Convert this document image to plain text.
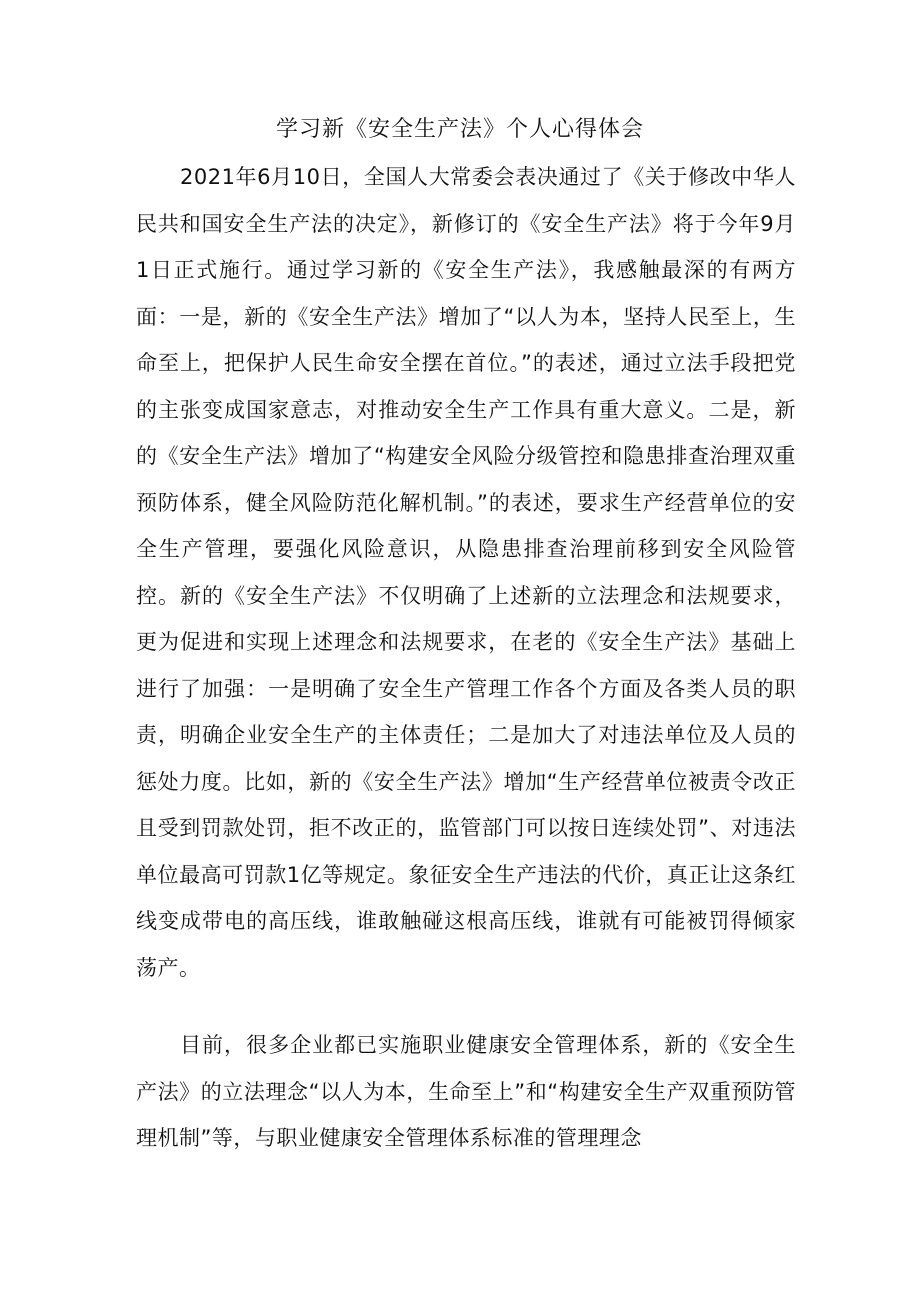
学习新《安全生产法》个人心得体会

2021年6月10日，全国人大常委会表决通过了《关于修改中华人民共和国安全生产法的决定》，新修订的《安全生产法》将于今年9月1日正式施行。通过学习新的《安全生产法》，我感触最深的有两方面：一是，新的《安全生产法》增加了“以人为本，坚持人民至上，生命至上，把保护人民生命安全摆在首位。”的表述，通过立法手段把党的主张变成国家意志，对推动安全生产工作具有重大意义。二是，新的《安全生产法》增加了“构建安全风险分级管控和隐患排查治理双重预防体系，健全风险防范化解机制。”的表述，要求生产经营单位的安全生产管理，要强化风险意识，从隐患排查治理前移到安全风险管控。新的《安全生产法》不仅明确了上述新的立法理念和法规要求，更为促进和实现上述理念和法规要求，在老的《安全生产法》基础上进行了加强：一是明确了安全生产管理工作各个方面及各类人员的职责，明确企业安全生产的主体责任；二是加大了对违法单位及人员的惩处力度。比如，新的《安全生产法》增加“生产经营单位被责令改正且受到罚款处罚，拒不改正的，监管部门可以按日连续处罚”、对违法单位最高可罚款1亿等规定。象征安全生产违法的代价，真正让这条红线变成带电的高压线，谁敢触碰这根高压线，谁就有可能被罚得倾家荡产。

目前，很多企业都已实施职业健康安全管理体系，新的《安全生产法》的立法理念“以人为本，生命至上”和“构建安全生产双重预防管理机制”等，与职业健康安全管理体系标准的管理理念
